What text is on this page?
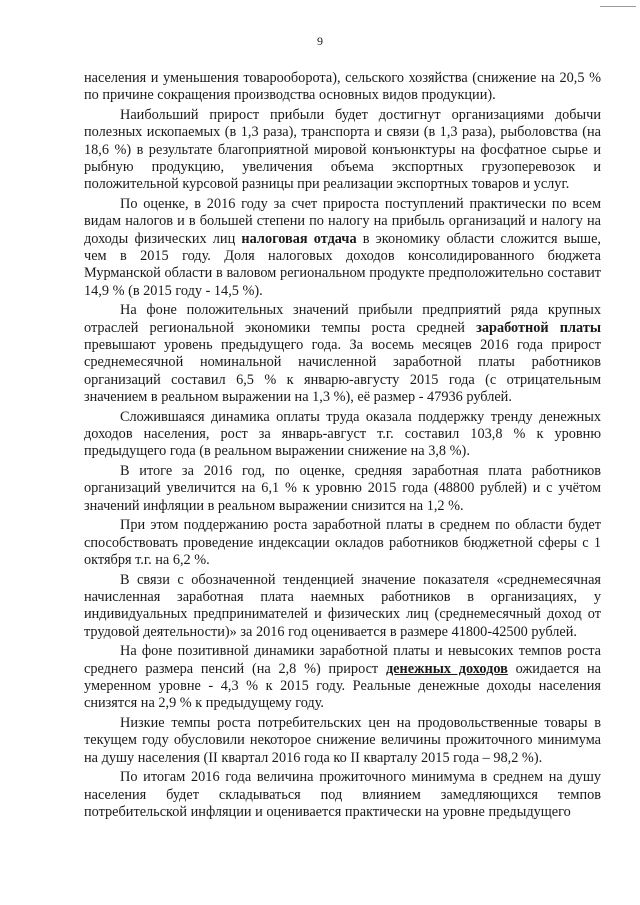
9

населения и уменьшения товарооборота), сельского хозяйства (снижение на 20,5 % по причине сокращения производства основных видов продукции).

Наибольший прирост прибыли будет достигнут организациями добычи полезных ископаемых (в 1,3 раза), транспорта и связи (в 1,3 раза), рыболовства (на 18,6 %) в результате благоприятной мировой конъюнктуры на фосфатное сырье и рыбную продукцию, увеличения объема экспортных грузоперевозок и положительной курсовой разницы при реализации экспортных товаров и услуг.

По оценке, в 2016 году за счет прироста поступлений практически по всем видам налогов и в большей степени по налогу на прибыль организаций и налогу на доходы физических лиц налоговая отдача в экономику области сложится выше, чем в 2015 году. Доля налоговых доходов консолидированного бюджета Мурманской области в валовом региональном продукте предположительно составит 14,9 % (в 2015 году - 14,5 %).

На фоне положительных значений прибыли предприятий ряда крупных отраслей региональной экономики темпы роста средней заработной платы превышают уровень предыдущего года. За восемь месяцев 2016 года прирост среднемесячной номинальной начисленной заработной платы работников организаций составил 6,5 % к январю-августу 2015 года (с отрицательным значением в реальном выражении на 1,3 %), её размер - 47936 рублей.

Сложившаяся динамика оплаты труда оказала поддержку тренду денежных доходов населения, рост за январь-август т.г. составил 103,8 % к уровню предыдущего года (в реальном выражении снижение на 3,8 %).

В итоге за 2016 год, по оценке, средняя заработная плата работников организаций увеличится на 6,1 % к уровню 2015 года (48800 рублей) и с учётом значений инфляции в реальном выражении снизится на 1,2 %.

При этом поддержанию роста заработной платы в среднем по области будет способствовать проведение индексации окладов работников бюджетной сферы с 1 октября т.г. на 6,2 %.

В связи с обозначенной тенденцией значение показателя «среднемесячная начисленная заработная плата наемных работников в организациях, у индивидуальных предпринимателей и физических лиц (среднемесячный доход от трудовой деятельности)» за 2016 год оценивается в размере 41800-42500 рублей.

На фоне позитивной динамики заработной платы и невысоких темпов роста среднего размера пенсий (на 2,8 %) прирост денежных доходов ожидается на умеренном уровне - 4,3 % к 2015 году. Реальные денежные доходы населения снизятся на 2,9 % к предыдущему году.

Низкие темпы роста потребительских цен на продовольственные товары в текущем году обусловили некоторое снижение величины прожиточного минимума на душу населения (II квартал 2016 года ко II кварталу 2015 года – 98,2 %).

По итогам 2016 года величина прожиточного минимума в среднем на душу населения будет складываться под влиянием замедляющихся темпов потребительской инфляции и оценивается практически на уровне предыдущего
